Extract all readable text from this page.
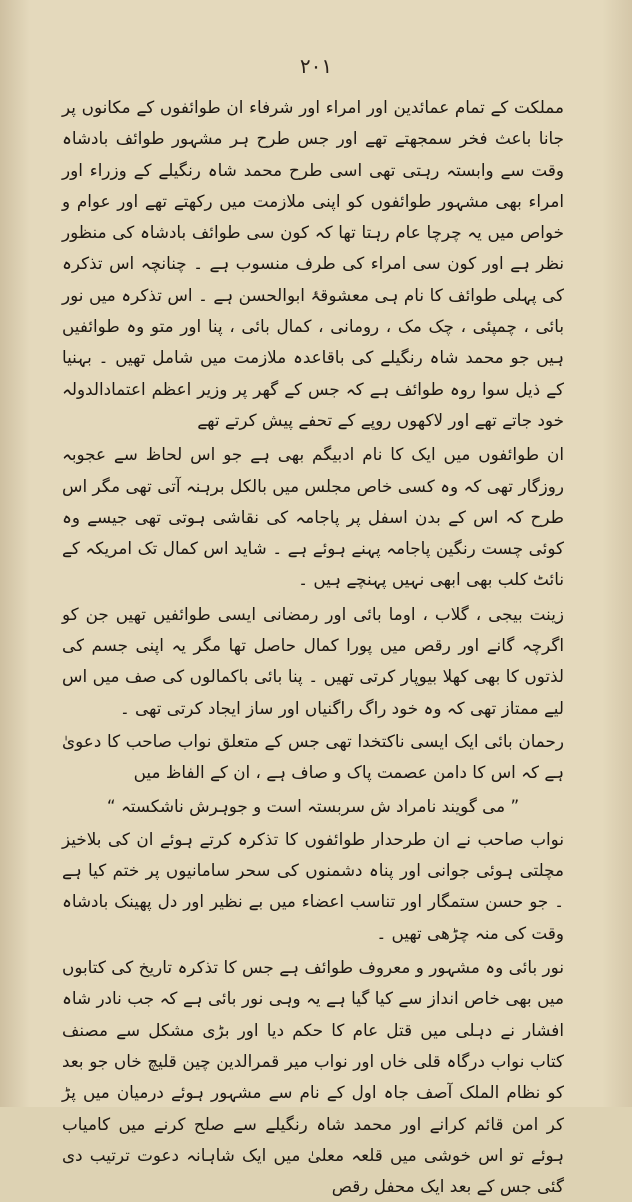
۲۰۱

مملکت کے تمام عمائدین اور امراء اور شرفاء ان طوائفوں کے مکانوں پر جانا باعث فخر سمجھتے تھے اور جس طرح ہر مشہور طوائف بادشاہ وقت سے وابستہ رہتی تھی اسی طرح محمد شاہ رنگیلے کے وزراء اور امراء بھی مشہور طوائفوں کو اپنی ملازمت میں رکھتے تھے اور عوام و خواص میں یہ چرچا عام رہتا تھا کہ کون سی طوائف بادشاہ کی منظور نظر ہے اور کون سی امراء کی طرف منسوب ہے ۔ چنانچہ اس تذکرہ کی پہلی طوائف کا نام ہی معشوقۂ ابوالحسن ہے ۔ اس تذکرہ میں نور بائی ، چمپئی ، چک مک ، رومانی ، کمال بائی ، پنا اور متو وہ طوائفیں ہیں جو محمد شاہ رنگیلے کی باقاعدہ ملازمت میں شامل تھیں ۔ بہنیا کے ذیل سوا روہ طوائف ہے کہ جس کے گھر پر وزیر اعظم اعتمادالدولہ خود جاتے تھے اور لاکھوں روپے کے تحفے پیش کرتے تھے

ان طوائفوں میں ایک کا نام ادبیگم بھی ہے جو اس لحاظ سے عجوبہ روزگار تھی کہ وہ کسی خاص مجلس میں بالکل برہنہ آتی تھی مگر اس طرح کہ اس کے بدن اسفل پر پاجامہ کی نقاشی ہوتی تھی جیسے وہ کوئی چست رنگین پاجامہ پہنے ہوئے ہے ۔ شاید اس کمال تک امریکہ کے نائٹ کلب بھی ابھی نہیں پہنچے ہیں ۔

زینت بیجی ، گلاب ، اوما بائی اور رمضانی ایسی طوائفیں تھیں جن کو اگرچہ گانے اور رقص میں پورا کمال حاصل تھا مگر یہ اپنی جسم کی لذتوں کا بھی کھلا بیوپار کرتی تھیں ۔ پنا بائی باکمالوں کی صف میں اس لیے ممتاز تھی کہ وہ خود راگ راگنیاں اور ساز ایجاد کرتی تھی ۔

رحمان بائی ایک ایسی ناکتخدا تھی جس کے متعلق نواب صاحب کا دعویٰ ہے کہ اس کا دامن عصمت پاک و صاف ہے ، ان کے الفاظ میں

” می گویند نامراد ش سربستہ است و جوہرش ناشکستہ “

نواب صاحب نے ان طرحدار طوائفوں کا تذکرہ کرتے ہوئے ان کی بلاخیز مچلتی ہوئی جوانی اور پناہ دشمنوں کی سحر سامانیوں پر ختم کیا ہے ۔ جو حسن ستمگار اور تناسب اعضاء میں بے نظیر اور دل پھینک بادشاہ وقت کی منہ چڑھی تھیں ۔

نور بائی وہ مشہور و معروف طوائف ہے جس کا تذکرہ تاریخ کی کتابوں میں بھی خاص انداز سے کیا گیا ہے یہ وہی نور بائی ہے کہ جب نادر شاہ افشار نے دہلی میں قتل عام کا حکم دیا اور بڑی مشکل سے مصنف کتاب نواب درگاہ قلی خاں اور نواب میر قمرالدین چین قلیچ خاں جو بعد کو نظام الملک آصف جاہ اول کے نام سے مشہور ہوئے درمیان میں پڑ کر امن قائم کرانے اور محمد شاہ رنگیلے سے صلح کرنے میں کامیاب ہوئے تو اس خوشی میں قلعہ معلیٰ میں ایک شاہانہ دعوت ترتیب دی گئی جس کے بعد ایک محفل رقص
